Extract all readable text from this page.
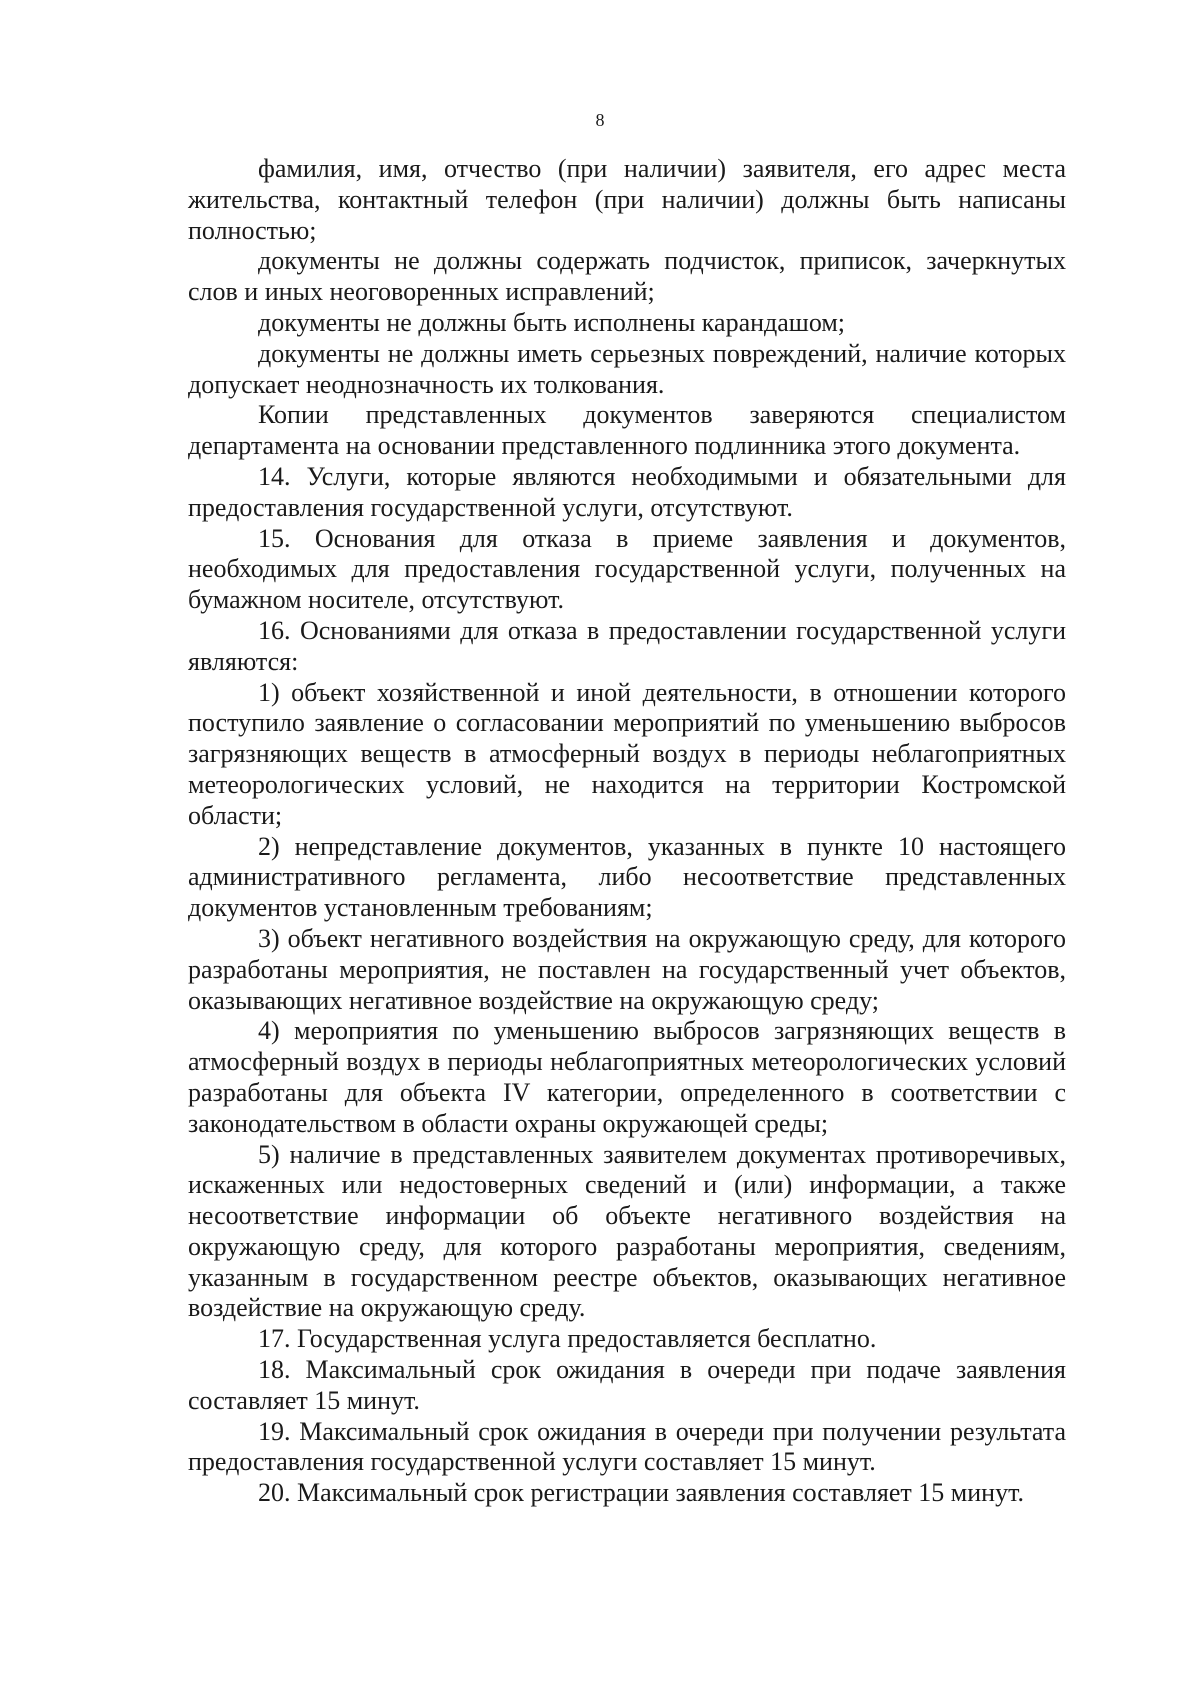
8

фамилия, имя, отчество (при наличии) заявителя, его адрес места жительства, контактный телефон (при наличии) должны быть написаны полностью;

документы не должны содержать подчисток, приписок, зачеркнутых слов и иных неоговоренных исправлений;

документы не должны быть исполнены карандашом;

документы не должны иметь серьезных повреждений, наличие которых допускает неоднозначность их толкования.

Копии представленных документов заверяются специалистом департамента на основании представленного подлинника этого документа.

14. Услуги, которые являются необходимыми и обязательными для предоставления государственной услуги, отсутствуют.

15. Основания для отказа в приеме заявления и документов, необходимых для предоставления государственной услуги, полученных на бумажном носителе, отсутствуют.

16. Основаниями для отказа в предоставлении государственной услуги являются:

1) объект хозяйственной и иной деятельности, в отношении которого поступило заявление о согласовании мероприятий по уменьшению выбросов загрязняющих веществ в атмосферный воздух в периоды неблагоприятных метеорологических условий, не находится на территории Костромской области;

2) непредставление документов, указанных в пункте 10 настоящего административного регламента, либо несоответствие представленных документов установленным требованиям;

3) объект негативного воздействия на окружающую среду, для которого разработаны мероприятия, не поставлен на государственный учет объектов, оказывающих негативное воздействие на окружающую среду;

4) мероприятия по уменьшению выбросов загрязняющих веществ в атмосферный воздух в периоды неблагоприятных метеорологических условий разработаны для объекта IV категории, определенного в соответствии с законодательством в области охраны окружающей среды;

5) наличие в представленных заявителем документах противоречивых, искаженных или недостоверных сведений и (или) информации, а также несоответствие информации об объекте негативного воздействия на окружающую среду, для которого разработаны мероприятия, сведениям, указанным в государственном реестре объектов, оказывающих негативное воздействие на окружающую среду.

17. Государственная услуга предоставляется бесплатно.

18. Максимальный срок ожидания в очереди при подаче заявления составляет 15 минут.

19. Максимальный срок ожидания в очереди при получении результата предоставления государственной услуги составляет 15 минут.

20. Максимальный срок регистрации заявления составляет 15 минут.
